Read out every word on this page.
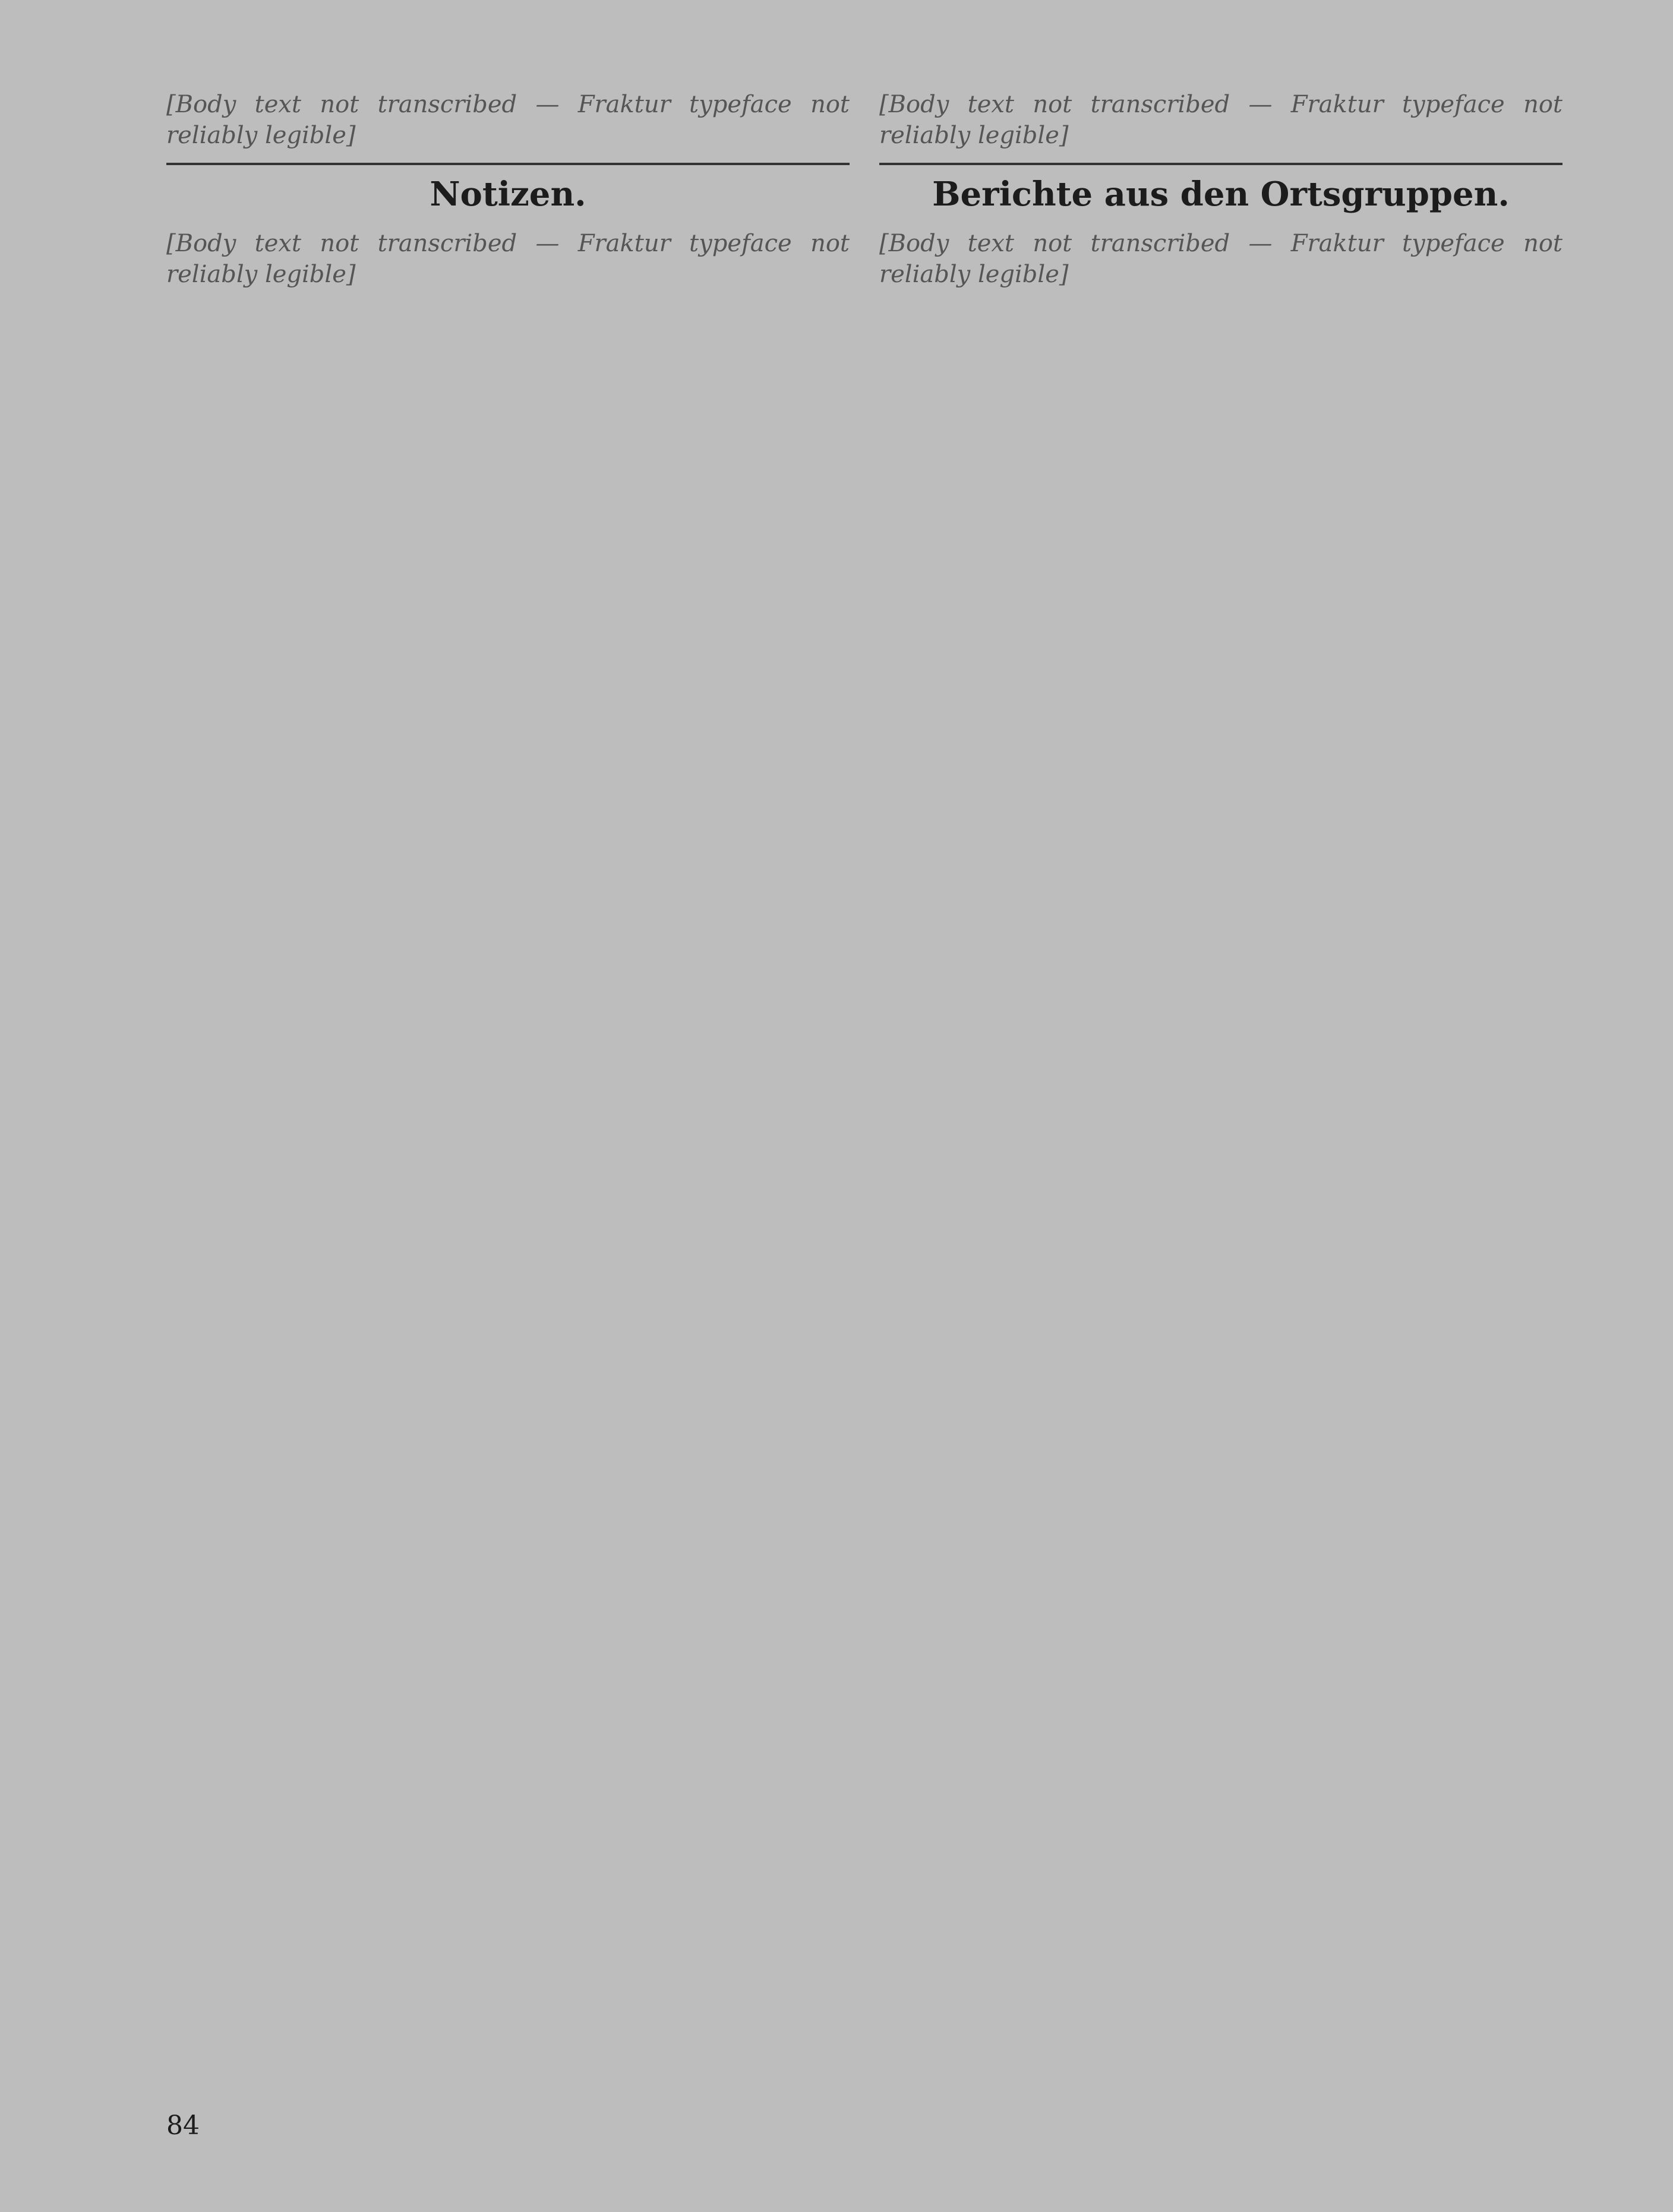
[Body text not transcribed — Fraktur typeface not reliably legible]

Notizen.

[Body text not transcribed — Fraktur typeface not reliably legible]

[Body text not transcribed — Fraktur typeface not reliably legible]

Berichte aus den Ortsgruppen.

[Body text not transcribed — Fraktur typeface not reliably legible]

84
